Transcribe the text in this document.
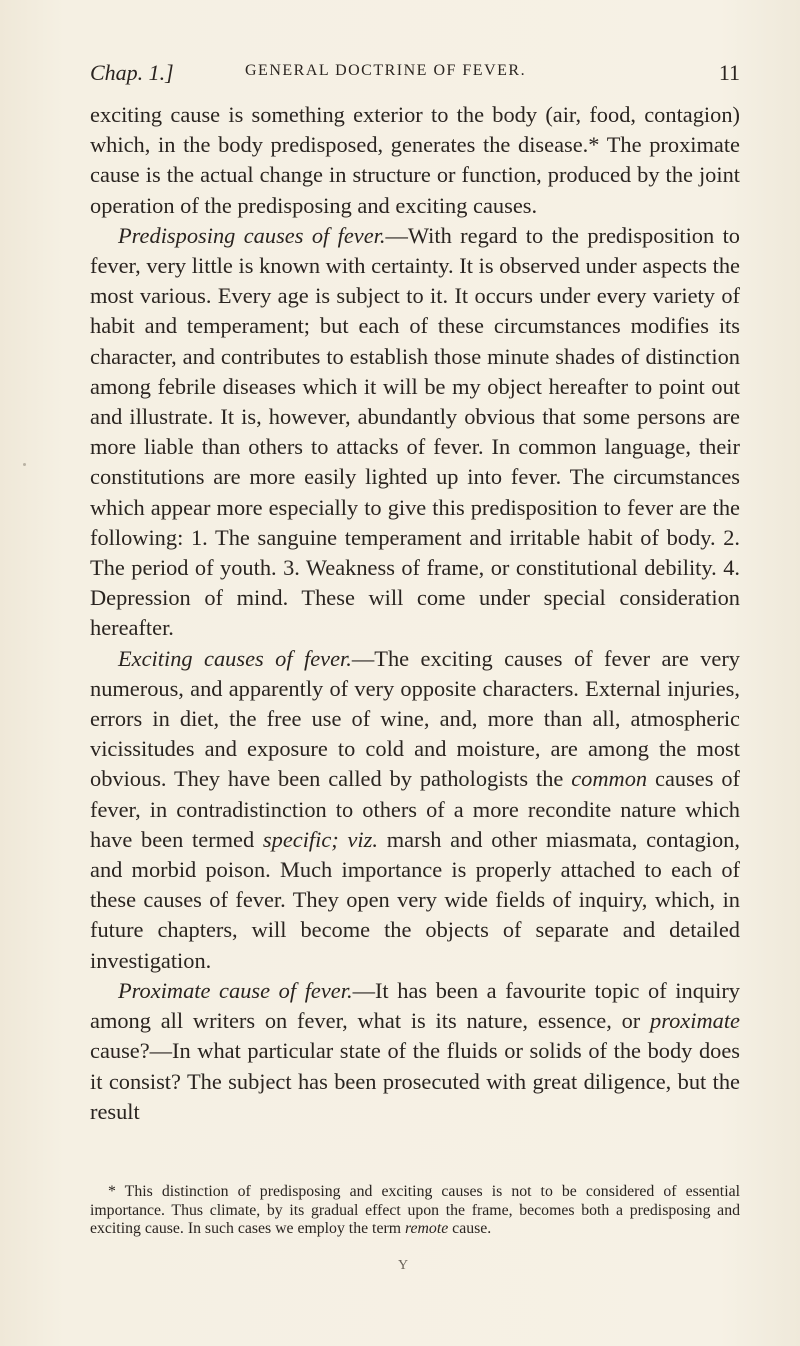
Chap. 1.]	GENERAL DOCTRINE OF FEVER.	11

exciting cause is something exterior to the body (air, food, contagion) which, in the body predisposed, generates the disease.* The proximate cause is the actual change in structure or function, produced by the joint operation of the predisposing and exciting causes.

Predisposing causes of fever.—With regard to the predisposition to fever, very little is known with certainty. It is observed under aspects the most various. Every age is subject to it. It occurs under every variety of habit and temperament; but each of these circumstances modifies its character, and contributes to establish those minute shades of distinction among febrile diseases which it will be my object hereafter to point out and illustrate. It is, however, abundantly obvious that some persons are more liable than others to attacks of fever. In common language, their constitutions are more easily lighted up into fever. The circumstances which appear more especially to give this predisposition to fever are the following: 1. The sanguine temperament and irritable habit of body. 2. The period of youth. 3. Weakness of frame, or constitutional debility. 4. Depression of mind. These will come under special consideration hereafter.

Exciting causes of fever.—The exciting causes of fever are very numerous, and apparently of very opposite characters. External injuries, errors in diet, the free use of wine, and, more than all, atmospheric vicissitudes and exposure to cold and moisture, are among the most obvious. They have been called by pathologists the common causes of fever, in contradistinction to others of a more recondite nature which have been termed specific; viz. marsh and other miasmata, contagion, and morbid poison. Much importance is properly attached to each of these causes of fever. They open very wide fields of inquiry, which, in future chapters, will become the objects of separate and detailed investigation.

Proximate cause of fever.—It has been a favourite topic of inquiry among all writers on fever, what is its nature, essence, or proximate cause?—In what particular state of the fluids or solids of the body does it consist? The subject has been prosecuted with great diligence, but the result

* This distinction of predisposing and exciting causes is not to be considered of essential importance. Thus climate, by its gradual effect upon the frame, becomes both a predisposing and exciting cause. In such cases we employ the term remote cause.

Y
